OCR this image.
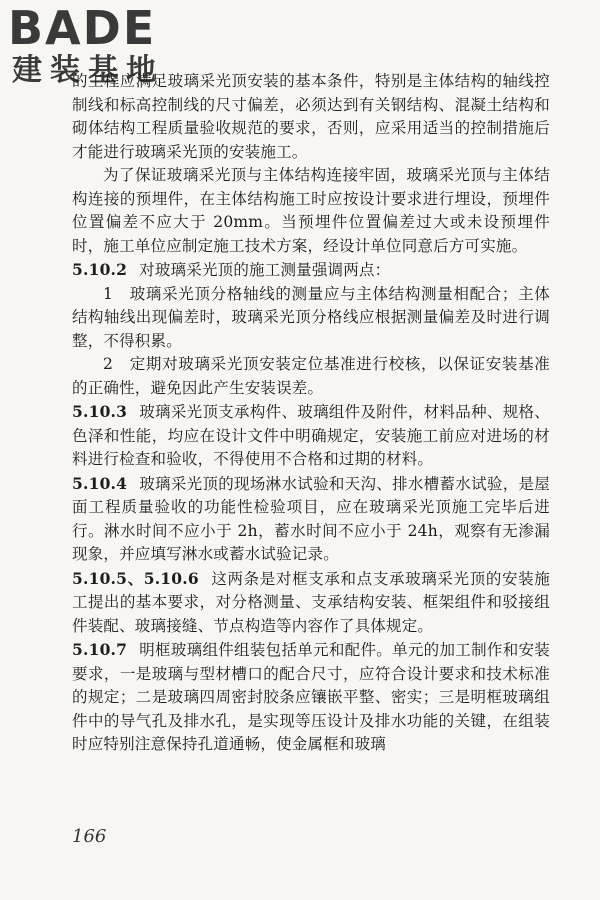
BADE
建装基地

的工程应满足玻璃采光顶安装的基本条件，特别是主体结构的轴线控制线和标高控制线的尺寸偏差，必须达到有关钢结构、混凝土结构和砌体结构工程质量验收规范的要求，否则，应采用适当的控制措施后才能进行玻璃采光顶的安装施工。

为了保证玻璃采光顶与主体结构连接牢固，玻璃采光顶与主体结构连接的预埋件，在主体结构施工时应按设计要求进行埋设，预埋件位置偏差不应大于 20mm。当预埋件位置偏差过大或未设预埋件时，施工单位应制定施工技术方案，经设计单位同意后方可实施。

5.10.2 对玻璃采光顶的施工测量强调两点：

1　玻璃采光顶分格轴线的测量应与主体结构测量相配合；主体结构轴线出现偏差时，玻璃采光顶分格线应根据测量偏差及时进行调整，不得积累。

2　定期对玻璃采光顶安装定位基准进行校核，以保证安装基准的正确性，避免因此产生安装误差。

5.10.3 玻璃采光顶支承构件、玻璃组件及附件，材料品种、规格、色泽和性能，均应在设计文件中明确规定，安装施工前应对进场的材料进行检查和验收，不得使用不合格和过期的材料。

5.10.4 玻璃采光顶的现场淋水试验和天沟、排水槽蓄水试验，是屋面工程质量验收的功能性检验项目，应在玻璃采光顶施工完毕后进行。淋水时间不应小于 2h，蓄水时间不应小于 24h，观察有无渗漏现象，并应填写淋水或蓄水试验记录。

5.10.5、5.10.6 这两条是对框支承和点支承玻璃采光顶的安装施工提出的基本要求，对分格测量、支承结构安装、框架组件和驳接组件装配、玻璃接缝、节点构造等内容作了具体规定。

5.10.7 明框玻璃组件组装包括单元和配件。单元的加工制作和安装要求，一是玻璃与型材槽口的配合尺寸，应符合设计要求和技术标准的规定；二是玻璃四周密封胶条应镶嵌平整、密实；三是明框玻璃组件中的导气孔及排水孔，是实现等压设计及排水功能的关键，在组装时应特别注意保持孔道通畅，使金属框和玻璃

166
